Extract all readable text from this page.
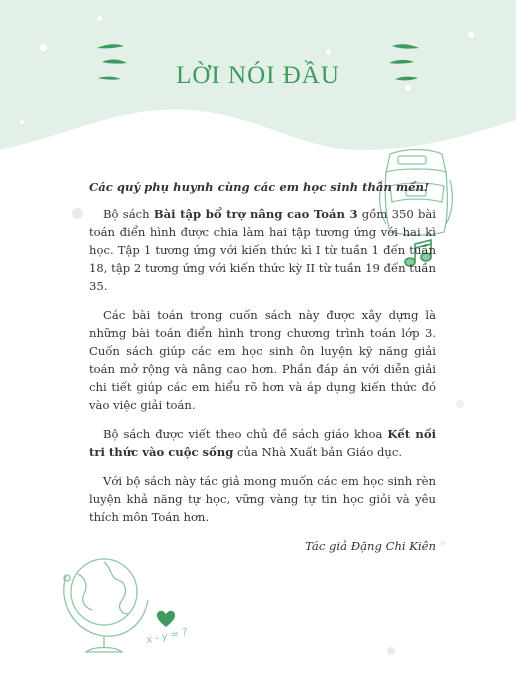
LỜI NÓI ĐẦU

Các quý phụ huynh cùng các em học sinh thân mến!

Bộ sách Bài tập bổ trợ nâng cao Toán 3 gồm 350 bài toán điển hình được chia làm hai tập tương ứng với hai kì học. Tập 1 tương ứng với kiến thức kì I từ tuần 1 đến tuần 18, tập 2 tương ứng với kiến thức kỳ II từ tuần 19 đến tuần 35.

Các bài toán trong cuốn sách này được xây dựng là những bài toán điển hình trong chương trình toán lớp 3. Cuốn sách giúp các em học sinh ôn luyện kỹ năng giải toán mở rộng và nâng cao hơn. Phần đáp án với diễn giải chi tiết giúp các em hiểu rõ hơn và áp dụng kiến thức đó vào việc giải toán.

Bộ sách được viết theo chủ đề sách giáo khoa Kết nối tri thức vào cuộc sống của Nhà Xuất bản Giáo dục.

Với bộ sách này tác giả mong muốn các em học sinh rèn luyện khả năng tự học, vững vàng tự tin học giỏi và yêu thích môn Toán hơn.

Tác giả Đặng Chi Kiên

x - y = ?
